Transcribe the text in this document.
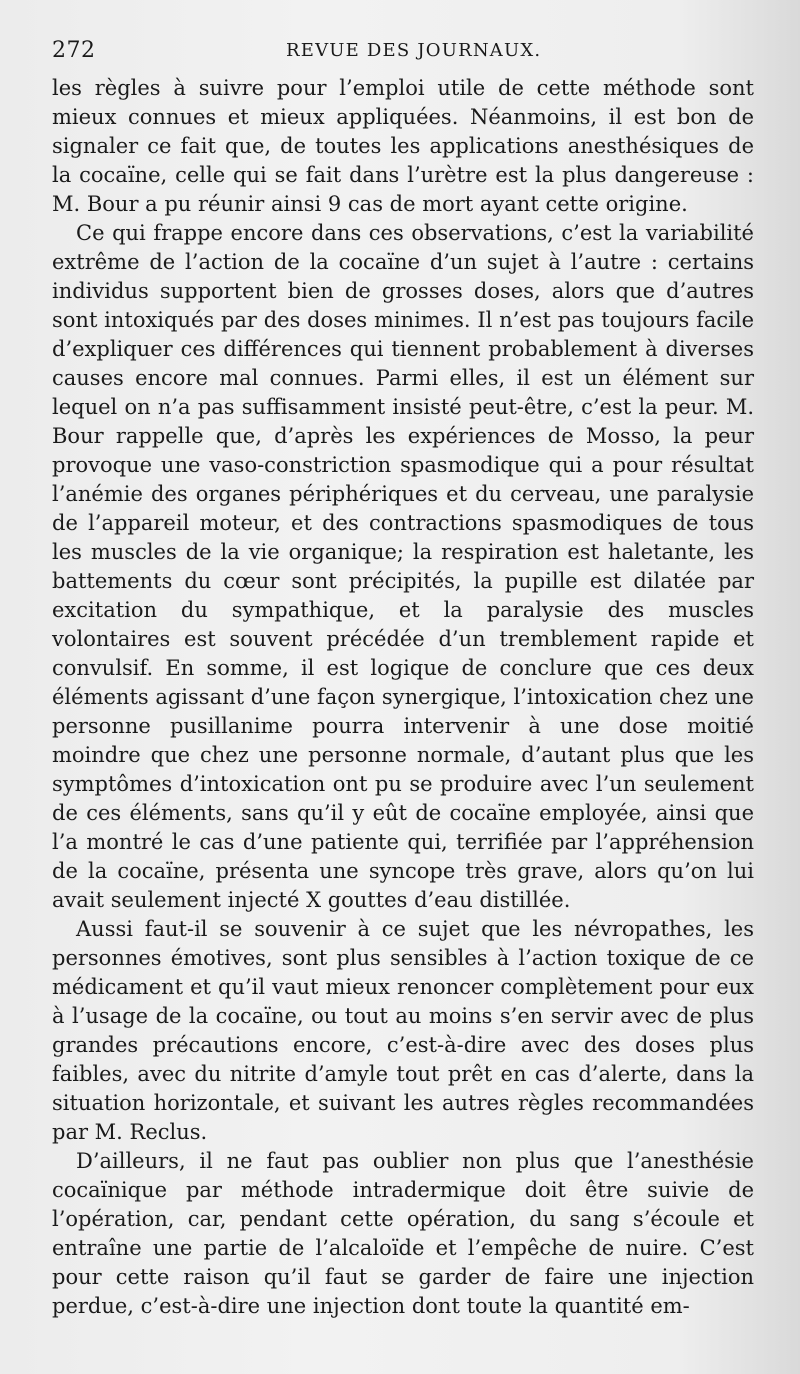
272	REVUE DES JOURNAUX.

les règles à suivre pour l’emploi utile de cette méthode sont mieux connues et mieux appliquées. Néanmoins, il est bon de signaler ce fait que, de toutes les applications anesthésiques de la cocaïne, celle qui se fait dans l’urètre est la plus dangereuse : M. Bour a pu réunir ainsi 9 cas de mort ayant cette origine.

Ce qui frappe encore dans ces observations, c’est la variabilité extrême de l’action de la cocaïne d’un sujet à l’autre : certains individus supportent bien de grosses doses, alors que d’autres sont intoxiqués par des doses minimes. Il n’est pas toujours facile d’expliquer ces différences qui tiennent probablement à diverses causes encore mal connues. Parmi elles, il est un élément sur lequel on n’a pas suffisamment insisté peut-être, c’est la peur. M. Bour rappelle que, d’après les expériences de Mosso, la peur provoque une vaso-constriction spasmodique qui a pour résultat l’anémie des organes périphériques et du cerveau, une paralysie de l’appareil moteur, et des contractions spasmodiques de tous les muscles de la vie organique; la respiration est haletante, les battements du cœur sont précipités, la pupille est dilatée par excitation du sympathique, et la paralysie des muscles volontaires est souvent précédée d’un tremblement rapide et convulsif. En somme, il est logique de conclure que ces deux éléments agissant d’une façon synergique, l’intoxication chez une personne pusillanime pourra intervenir à une dose moitié moindre que chez une personne normale, d’autant plus que les symptômes d’intoxication ont pu se produire avec l’un seulement de ces éléments, sans qu’il y eût de cocaïne employée, ainsi que l’a montré le cas d’une patiente qui, terrifiée par l’appréhension de la cocaïne, présenta une syncope très grave, alors qu’on lui avait seulement injecté X gouttes d’eau distillée.

Aussi faut-il se souvenir à ce sujet que les névropathes, les personnes émotives, sont plus sensibles à l’action toxique de ce médicament et qu’il vaut mieux renoncer complètement pour eux à l’usage de la cocaïne, ou tout au moins s’en servir avec de plus grandes précautions encore, c’est-à-dire avec des doses plus faibles, avec du nitrite d’amyle tout prêt en cas d’alerte, dans la situation horizontale, et suivant les autres règles recommandées par M. Reclus.

D’ailleurs, il ne faut pas oublier non plus que l’anesthésie cocaïnique par méthode intradermique doit être suivie de l’opération, car, pendant cette opération, du sang s’écoule et entraîne une partie de l’alcaloïde et l’empêche de nuire. C’est pour cette raison qu’il faut se garder de faire une injection perdue, c’est-à-dire une injection dont toute la quantité em-
